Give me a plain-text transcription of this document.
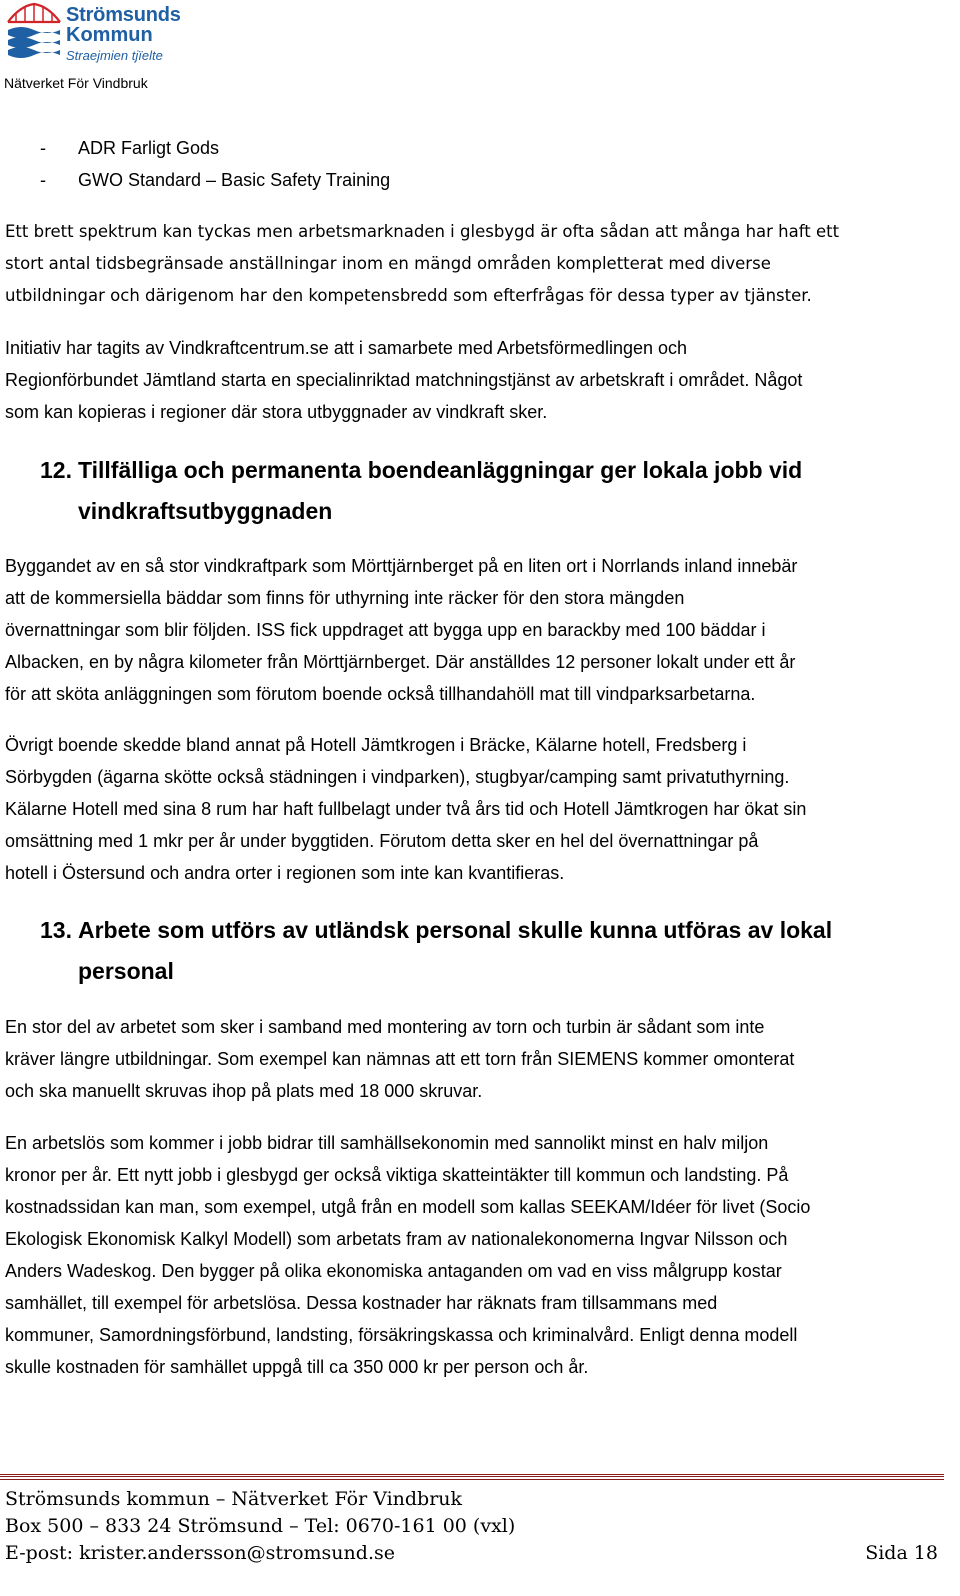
Strömsunds
Kommun
Straejmien tjïelte
Nätverket För Vindbruk
- ADR Farligt Gods
- GWO Standard – Basic Safety Training
Ett brett spektrum kan tyckas men arbetsmarknaden i glesbygd är ofta sådan att många har haft ett
stort antal tidsbegränsade anställningar inom en mängd områden kompletterat med diverse
utbildningar och därigenom har den kompetensbredd som efterfrågas för dessa typer av tjänster.
Initiativ har tagits av Vindkraftcentrum.se att i samarbete med Arbetsförmedlingen och
Regionförbundet Jämtland starta en specialinriktad matchningstjänst av arbetskraft i området. Något
som kan kopieras i regioner där stora utbyggnader av vindkraft sker.
12. Tillfälliga och permanenta boendeanläggningar ger lokala jobb vid
vindkraftsutbyggnaden
Byggandet av en så stor vindkraftpark som Mörttjärnberget på en liten ort i Norrlands inland innebär
att de kommersiella bäddar som finns för uthyrning inte räcker för den stora mängden
övernattningar som blir följden. ISS fick uppdraget att bygga upp en barackby med 100 bäddar i
Albacken, en by några kilometer från Mörttjärnberget. Där anställdes 12 personer lokalt under ett år
för att sköta anläggningen som förutom boende också tillhandahöll mat till vindparksarbetarna.
Övrigt boende skedde bland annat på Hotell Jämtkrogen i Bräcke, Kälarne hotell, Fredsberg i
Sörbygden (ägarna skötte också städningen i vindparken), stugbyar/camping samt privatuthyrning.
Kälarne Hotell med sina 8 rum har haft fullbelagt under två års tid och Hotell Jämtkrogen har ökat sin
omsättning med 1 mkr per år under byggtiden. Förutom detta sker en hel del övernattningar på
hotell i Östersund och andra orter i regionen som inte kan kvantifieras.
13. Arbete som utförs av utländsk personal skulle kunna utföras av lokal
personal
En stor del av arbetet som sker i samband med montering av torn och turbin är sådant som inte
kräver längre utbildningar. Som exempel kan nämnas att ett torn från SIEMENS kommer omonterat
och ska manuellt skruvas ihop på plats med 18 000 skruvar.
En arbetslös som kommer i jobb bidrar till samhällsekonomin med sannolikt minst en halv miljon
kronor per år. Ett nytt jobb i glesbygd ger också viktiga skatteintäkter till kommun och landsting. På
kostnadssidan kan man, som exempel, utgå från en modell som kallas SEEKAM/Idéer för livet (Socio
Ekologisk Ekonomisk Kalkyl Modell) som arbetats fram av nationalekonomerna Ingvar Nilsson och
Anders Wadeskog. Den bygger på olika ekonomiska antaganden om vad en viss målgrupp kostar
samhället, till exempel för arbetslösa. Dessa kostnader har räknats fram tillsammans med
kommuner, Samordningsförbund, landsting, försäkringskassa och kriminalvård. Enligt denna modell
skulle kostnaden för samhället uppgå till ca 350 000 kr per person och år.
Strömsunds kommun – Nätverket För Vindbruk
Box 500 – 833 24 Strömsund – Tel: 0670-161 00 (vxl)
E-post: krister.andersson@stromsund.se	Sida 18
